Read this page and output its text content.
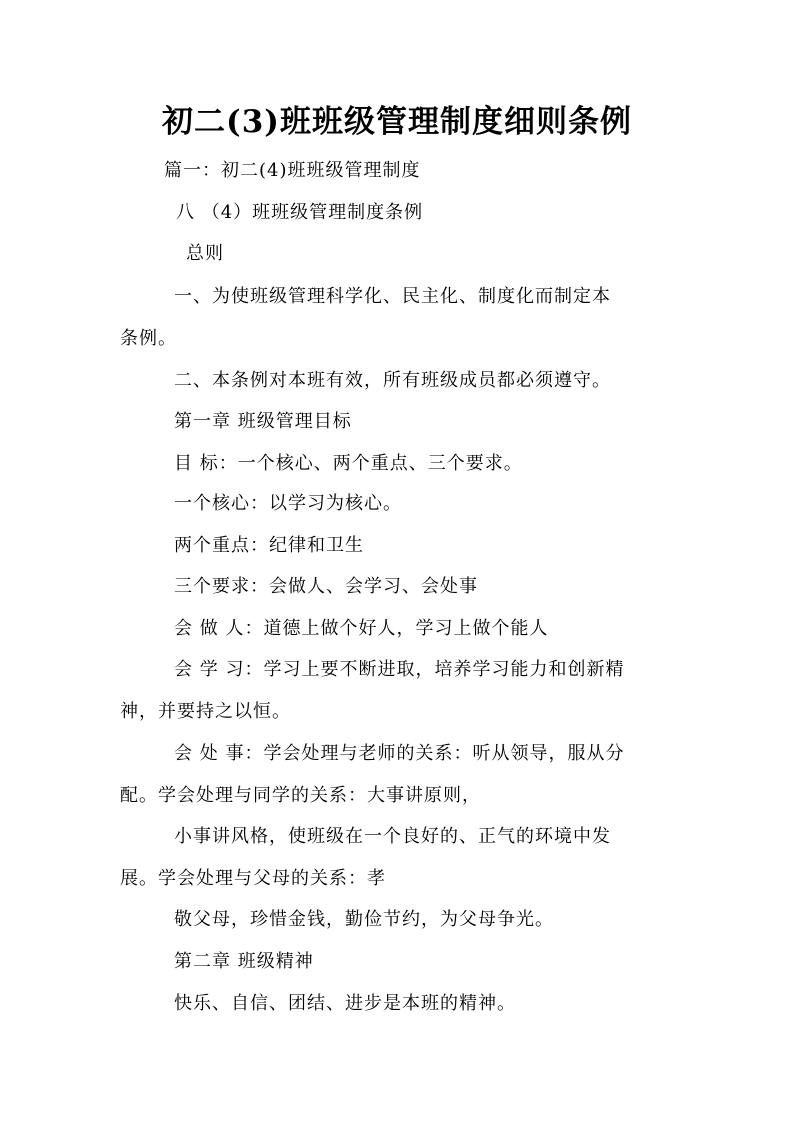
初二(3)班班级管理制度细则条例
篇一：初二(4)班班级管理制度
八 （4）班班级管理制度条例
总则
一、为使班级管理科学化、民主化、制度化而制定本
条例。
二、本条例对本班有效，所有班级成员都必须遵守。
第一章 班级管理目标
目 标：一个核心、两个重点、三个要求。
一个核心：以学习为核心。
两个重点：纪律和卫生
三个要求：会做人、会学习、会处事
会 做 人：道德上做个好人，学习上做个能人
会 学 习：学习上要不断进取，培养学习能力和创新精
神，并要持之以恒。
会 处 事：学会处理与老师的关系：听从领导，服从分
配。学会处理与同学的关系：大事讲原则，
小事讲风格，使班级在一个良好的、正气的环境中发
展。学会处理与父母的关系：孝
敬父母，珍惜金钱，勤俭节约，为父母争光。
第二章 班级精神
快乐、自信、团结、进步是本班的精神。
